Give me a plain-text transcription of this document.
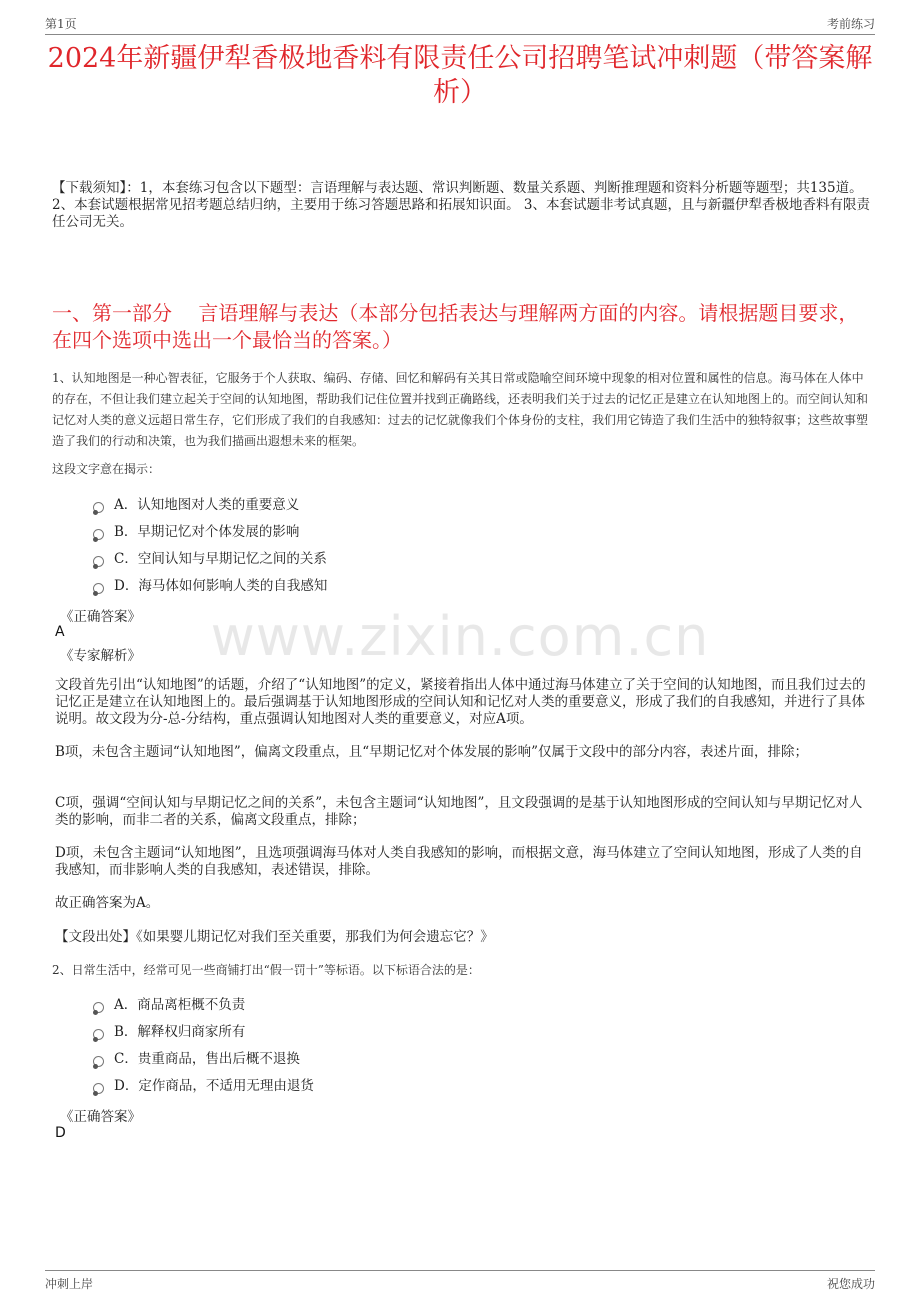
第1页	考前练习
2024年新疆伊犁香极地香料有限责任公司招聘笔试冲刺题（带答案解析）
【下载须知】：1，本套练习包含以下题型：言语理解与表达题、常识判断题、数量关系题、判断推理题和资料分析题等题型；共135道。 2、本套试题根据常见招考题总结归纳，主要用于练习答题思路和拓展知识面。 3、本套试题非考试真题，且与新疆伊犁香极地香料有限责任公司无关。
一、第一部分　 言语理解与表达（本部分包括表达与理解两方面的内容。请根据题目要求，在四个选项中选出一个最恰当的答案。）
1、认知地图是一种心智表征，它服务于个人获取、编码、存储、回忆和解码有关其日常或隐喻空间环境中现象的相对位置和属性的信息。海马体在人体中的存在，不但让我们建立起关于空间的认知地图，帮助我们记住位置并找到正确路线，还表明我们关于过去的记忆正是建立在认知地图上的。而空间认知和记忆对人类的意义远超日常生存，它们形成了我们的自我感知：过去的记忆就像我们个体身份的支柱，我们用它铸造了我们生活中的独特叙事；这些故事塑造了我们的行动和决策，也为我们描画出遐想未来的框架。
这段文字意在揭示：
A．认知地图对人类的重要意义
B．早期记忆对个体发展的影响
C．空间认知与早期记忆之间的关系
D．海马体如何影响人类的自我感知
《正确答案》
A
《专家解析》	www.zixin.com.cn
文段首先引出“认知地图”的话题，介绍了“认知地图”的定义，紧接着指出人体中通过海马体建立了关于空间的认知地图，而且我们过去的记忆正是建立在认知地图上的。最后强调基于认知地图形成的空间认知和记忆对人类的重要意义，形成了我们的自我感知，并进行了具体说明。故文段为分-总-分结构，重点强调认知地图对人类的重要意义，对应A项。
B项，未包含主题词“认知地图”，偏离文段重点，且“早期记忆对个体发展的影响”仅属于文段中的部分内容，表述片面，排除；
C项，强调“空间认知与早期记忆之间的关系”，未包含主题词“认知地图”，且文段强调的是基于认知地图形成的空间认知与早期记忆对人类的影响，而非二者的关系，偏离文段重点，排除；
D项，未包含主题词“认知地图”，且选项强调海马体对人类自我感知的影响，而根据文意，海马体建立了空间认知地图，形成了人类的自我感知，而非影响人类的自我感知，表述错误，排除。
故正确答案为A。
【文段出处】《如果婴儿期记忆对我们至关重要，那我们为何会遗忘它？》
2、日常生活中，经常可见一些商铺打出“假一罚十”等标语。以下标语合法的是：
A．商品离柜概不负责
B．解释权归商家所有
C．贵重商品，售出后概不退换
D．定作商品，不适用无理由退货
《正确答案》
D
冲刺上岸	祝您成功
